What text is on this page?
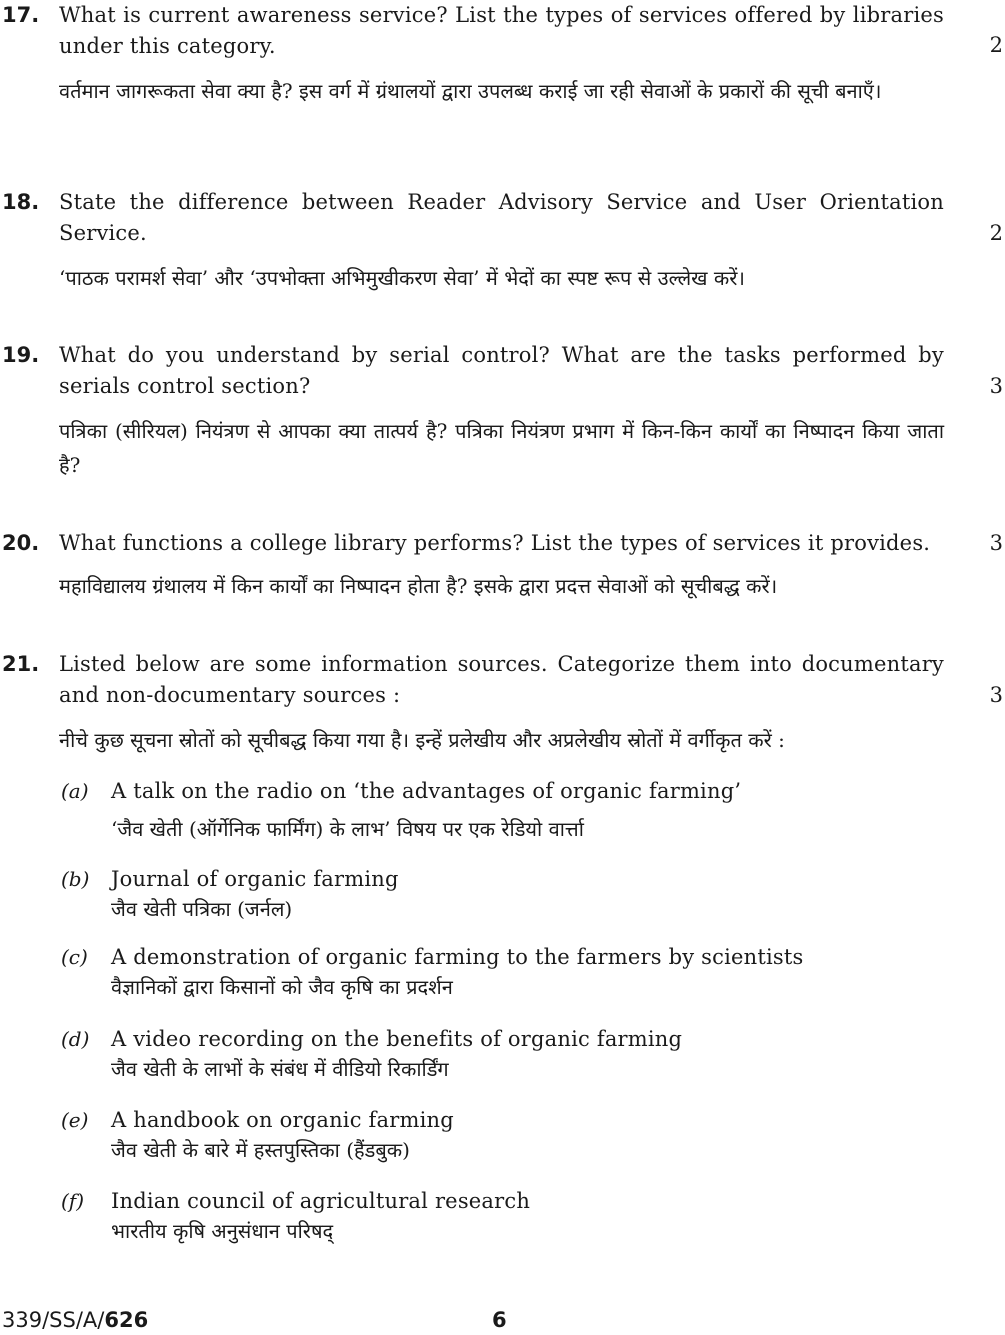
17. What is current awareness service? List the types of services offered by libraries under this category.	2

वर्तमान जागरूकता सेवा क्या है? इस वर्ग में ग्रंथालयों द्वारा उपलब्ध कराई जा रही सेवाओं के प्रकारों की सूची बनाएँ।

18. State the difference between Reader Advisory Service and User Orientation Service.	2

‘पाठक परामर्श सेवा’ और ‘उपभोक्ता अभिमुखीकरण सेवा’ में भेदों का स्पष्ट रूप से उल्लेख करें।

19. What do you understand by serial control? What are the tasks performed by serials control section?	3

पत्रिका (सीरियल) नियंत्रण से आपका क्या तात्पर्य है? पत्रिका नियंत्रण प्रभाग में किन-किन कार्यों का निष्पादन किया जाता है?

20. What functions a college library performs? List the types of services it provides.	3

महाविद्यालय ग्रंथालय में किन कार्यों का निष्पादन होता है? इसके द्वारा प्रदत्त सेवाओं को सूचीबद्ध करें।

21. Listed below are some information sources. Categorize them into documentary and non-documentary sources :	3

नीचे कुछ सूचना स्रोतों को सूचीबद्ध किया गया है। इन्हें प्रलेखीय और अप्रलेखीय स्रोतों में वर्गीकृत करें :

(a) A talk on the radio on ‘the advantages of organic farming’
‘जैव खेती (ऑर्गेनिक फार्मिंग) के लाभ’ विषय पर एक रेडियो वार्त्ता
(b) Journal of organic farming
जैव खेती पत्रिका (जर्नल)
(c) A demonstration of organic farming to the farmers by scientists
वैज्ञानिकों द्वारा किसानों को जैव कृषि का प्रदर्शन
(d) A video recording on the benefits of organic farming
जैव खेती के लाभों के संबंध में वीडियो रिकार्डिंग
(e) A handbook on organic farming
जैव खेती के बारे में हस्तपुस्तिका (हैंडबुक)
(f) Indian council of agricultural research
भारतीय कृषि अनुसंधान परिषद्
339/SS/A/626	6
